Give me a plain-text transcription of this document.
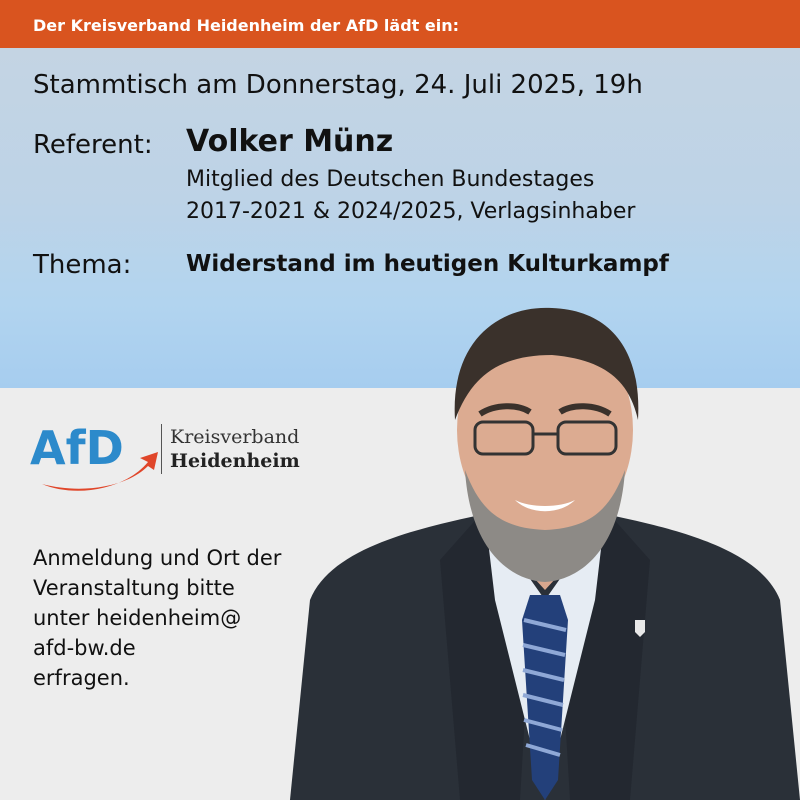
Der Kreisverband Heidenheim der AfD lädt ein:
Stammtisch am Donnerstag, 24. Juli 2025, 19h
Referent: Volker Münz
Mitglied des Deutschen Bundestages
2017-2021 & 2024/2025, Verlagsinhaber
Thema: Widerstand im heutigen Kulturkampf
AfD Kreisverband
Heidenheim
Anmeldung und Ort der
Veranstaltung bitte
unter heidenheim@
afd-bw.de
erfragen.
